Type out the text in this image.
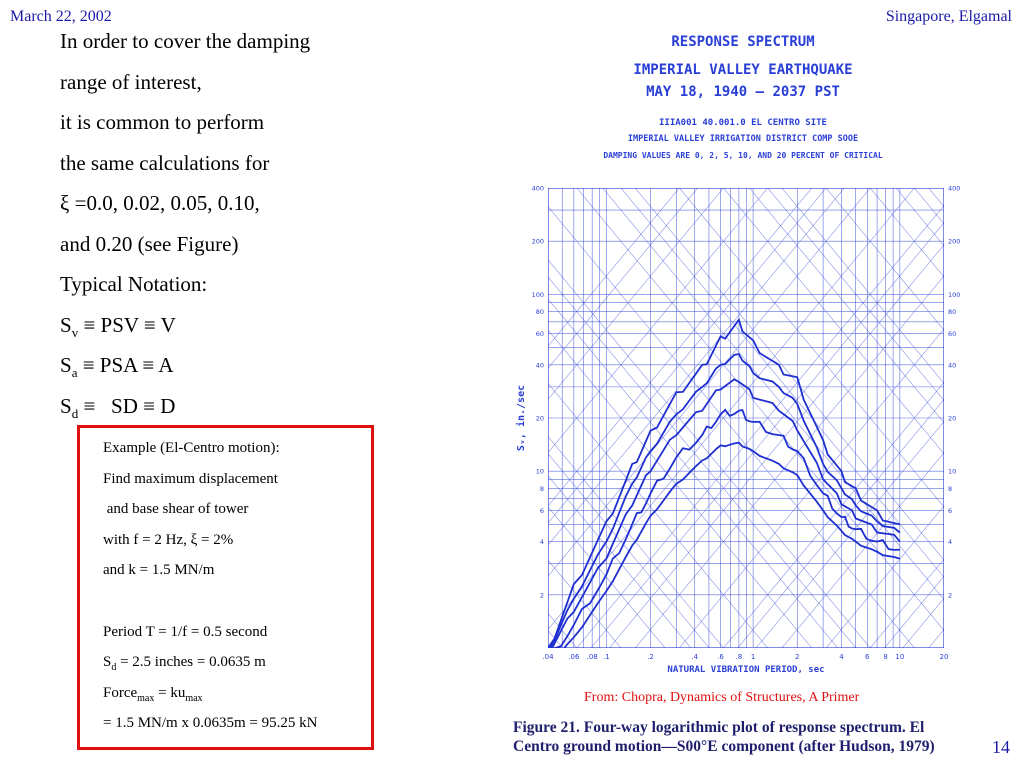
March 22, 2002	Singapore, Elgamal
In order to cover the damping
range of interest,
it is common to perform
the same calculations for
ξ =0.0, 0.02, 0.05, 0.10,
and 0.20 (see Figure)
Typical Notation:
$S_v$ ≡ PSV ≡ V
$S_a$ ≡ PSA ≡ A
$S_d$ ≡   SD ≡ D
Example (El-Centro motion):
Find maximum displacement
and base shear of tower
with f = 2 Hz, ξ = 2%
and k = 1.5 MN/m
Period T = 1/f = 0.5 second
$S_d = 2.5$ inches = 0.0635 m
Force$_{max}$ = $ku_{max}$
= 1.5 MN/m x 0.0635m = 95.25 kN
RESPONSE SPECTRUM
IMPERIAL VALLEY EARTHQUAKE
MAY 18, 1940 — 2037 PST
IIIA001 40.001.0 EL CENTRO SITE
IMPERIAL VALLEY IRRIGATION DISTRICT COMP SOOE
DAMPING VALUES ARE 0, 2, 5, 10, AND 20 PERCENT OF CRITICAL
.04 .06 .08 .1	.2	.4	.6 .8 1	2	4	6 8 10	20
400	400
200	200
100	100
80	80
60	60
40	40
20	20
10	10
8	8
6	6
4	4
2	2
NATURAL VIBRATION PERIOD, sec
Sᵥ, in./sec
From: Chopra, Dynamics of Structures, A Primer
Figure 21. Four-way logarithmic plot of response spectrum. El Centro ground motion—S00°E component (after Hudson, 1979)	14
